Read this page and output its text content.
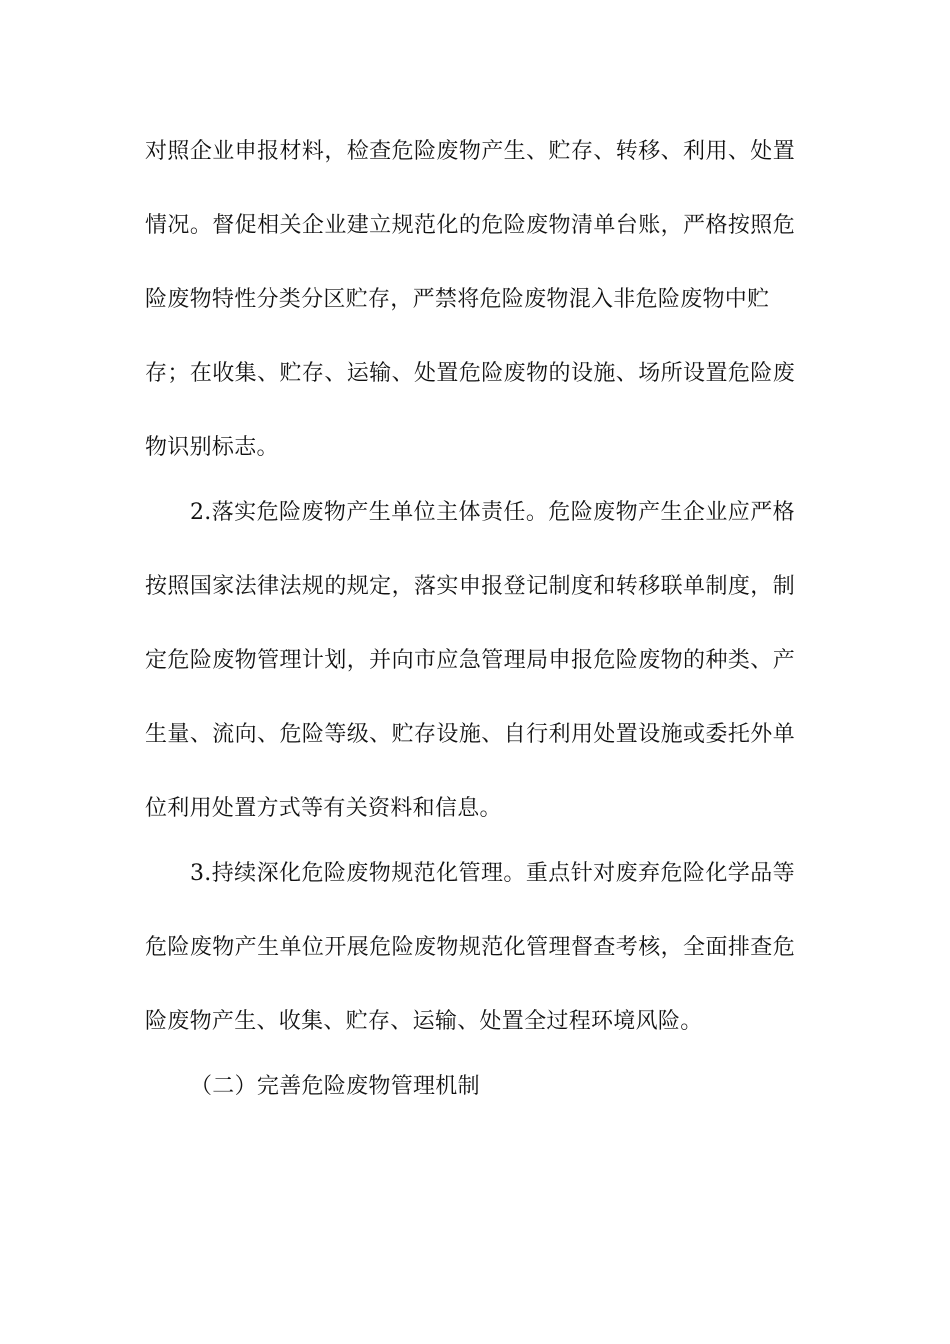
对照企业申报材料，检查危险废物产生、贮存、转移、利用、处置
情况。督促相关企业建立规范化的危险废物清单台账，严格按照危
险废物特性分类分区贮存，严禁将危险废物混入非危险废物中贮
存；在收集、贮存、运输、处置危险废物的设施、场所设置危险废
物识别标志。
2.落实危险废物产生单位主体责任。危险废物产生企业应严格
按照国家法律法规的规定，落实申报登记制度和转移联单制度，制
定危险废物管理计划，并向市应急管理局申报危险废物的种类、产
生量、流向、危险等级、贮存设施、自行利用处置设施或委托外单
位利用处置方式等有关资料和信息。
3.持续深化危险废物规范化管理。重点针对废弃危险化学品等
危险废物产生单位开展危险废物规范化管理督查考核，全面排查危
险废物产生、收集、贮存、运输、处置全过程环境风险。
（二）完善危险废物管理机制
